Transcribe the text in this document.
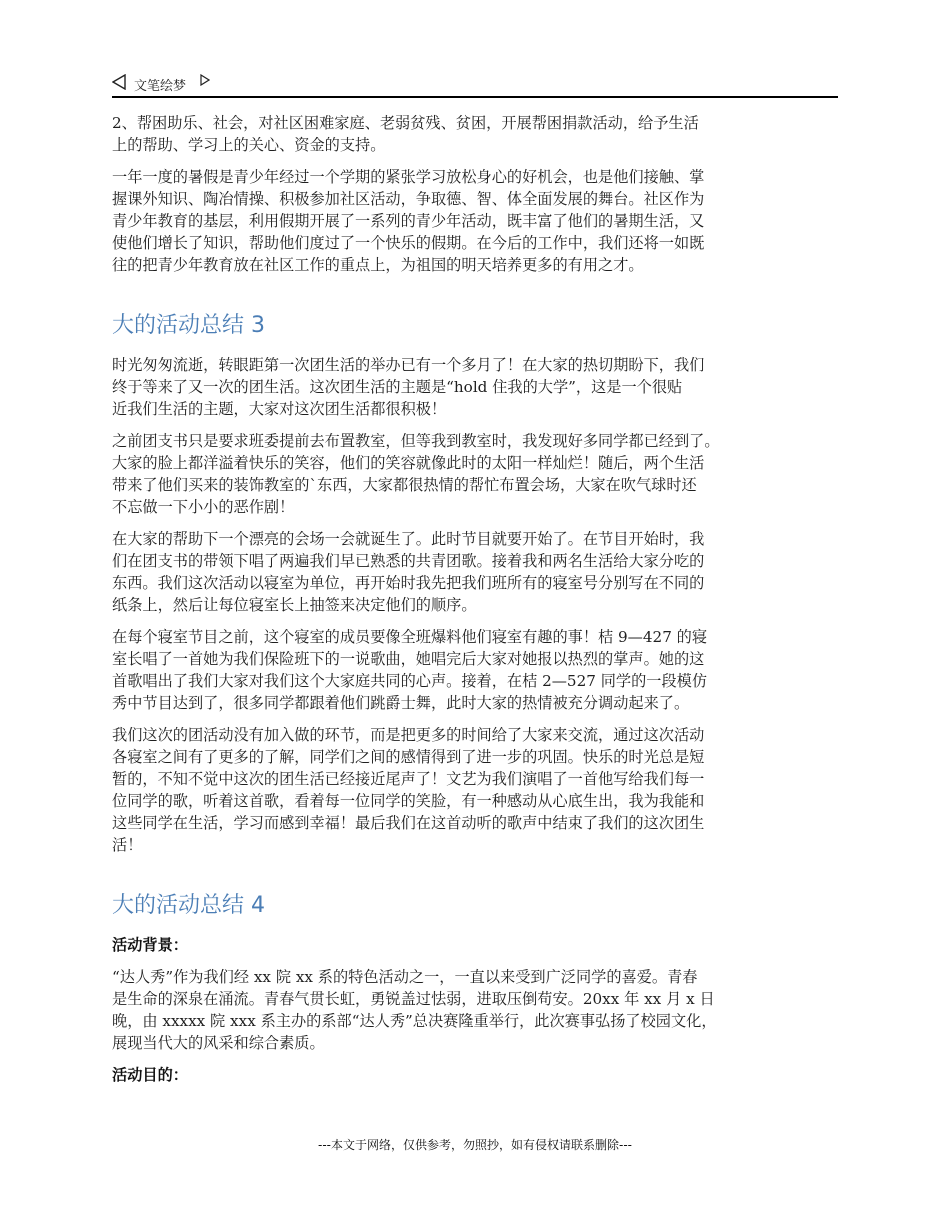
文笔绘梦

2、帮困助乐、社会，对社区困难家庭、老弱贫残、贫困，开展帮困捐款活动，给予生活
上的帮助、学习上的关心、资金的支持。

一年一度的暑假是青少年经过一个学期的紧张学习放松身心的好机会，也是他们接触、掌
握课外知识、陶冶情操、积极参加社区活动，争取德、智、体全面发展的舞台。社区作为
青少年教育的基层，利用假期开展了一系列的青少年活动，既丰富了他们的暑期生活，又
使他们增长了知识，帮助他们度过了一个快乐的假期。在今后的工作中，我们还将一如既
往的把青少年教育放在社区工作的重点上，为祖国的明天培养更多的有用之才。

大的活动总结 3

时光匆匆流逝，转眼距第一次团生活的举办已有一个多月了！在大家的热切期盼下，我们
终于等来了又一次的团生活。这次团生活的主题是“hold 住我的大学”，这是一个很贴
近我们生活的主题，大家对这次团生活都很积极！

之前团支书只是要求班委提前去布置教室，但等我到教室时，我发现好多同学都已经到了。
大家的脸上都洋溢着快乐的笑容，他们的笑容就像此时的太阳一样灿烂！随后，两个生活
带来了他们买来的装饰教室的`东西，大家都很热情的帮忙布置会场，大家在吹气球时还
不忘做一下小小的恶作剧！

在大家的帮助下一个漂亮的会场一会就诞生了。此时节目就要开始了。在节目开始时，我
们在团支书的带领下唱了两遍我们早已熟悉的共青团歌。接着我和两名生活给大家分吃的
东西。我们这次活动以寝室为单位，再开始时我先把我们班所有的寝室号分别写在不同的
纸条上，然后让每位寝室长上抽签来决定他们的顺序。

在每个寝室节目之前，这个寝室的成员要像全班爆料他们寝室有趣的事！桔 9—427 的寝
室长唱了一首她为我们保险班下的一说歌曲，她唱完后大家对她报以热烈的掌声。她的这
首歌唱出了我们大家对我们这个大家庭共同的心声。接着，在桔 2—527 同学的一段模仿
秀中节目达到了，很多同学都跟着他们跳爵士舞，此时大家的热情被充分调动起来了。

我们这次的团活动没有加入做的环节，而是把更多的时间给了大家来交流，通过这次活动
各寝室之间有了更多的了解，同学们之间的感情得到了进一步的巩固。快乐的时光总是短
暂的，不知不觉中这次的团生活已经接近尾声了！文艺为我们演唱了一首他写给我们每一
位同学的歌，听着这首歌，看着每一位同学的笑脸，有一种感动从心底生出，我为我能和
这些同学在生活，学习而感到幸福！最后我们在这首动听的歌声中结束了我们的这次团生
活！

大的活动总结 4
活动背景：

“达人秀”作为我们经 xx 院 xx 系的特色活动之一，一直以来受到广泛同学的喜爱。青春
是生命的深泉在涌流。青春气贯长虹，勇锐盖过怯弱，进取压倒苟安。20xx 年 xx 月 x 日
晚，由 xxxxx 院 xxx 系主办的系部“达人秀”总决赛隆重举行，此次赛事弘扬了校园文化，
展现当代大的风采和综合素质。

活动目的：
---本文于网络，仅供参考，勿照抄，如有侵权请联系删除---
